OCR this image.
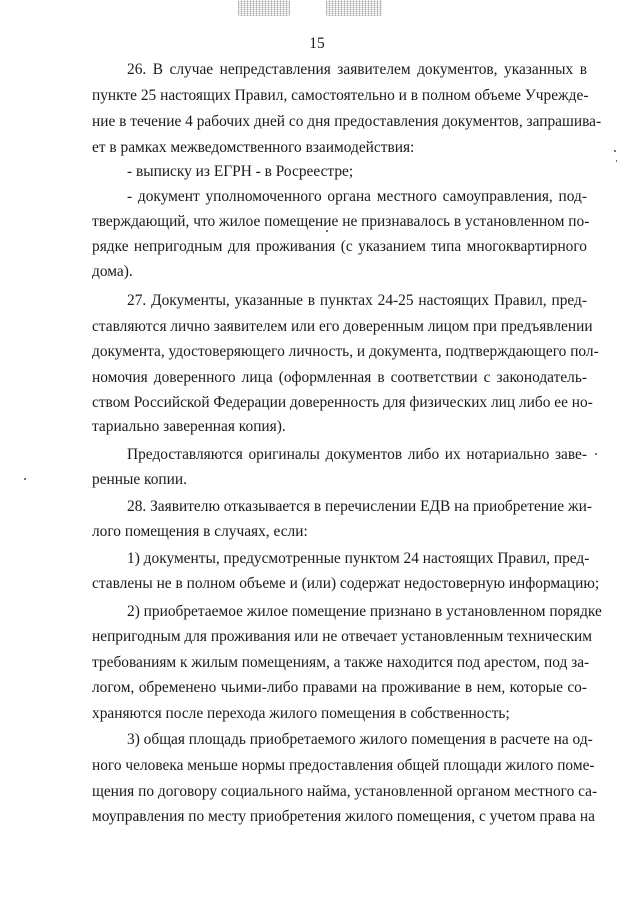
15
26. В случае непредставления заявителем документов, указанных в
пункте 25 настоящих Правил, самостоятельно и в полном объеме Учрежде-
ние в течение 4 рабочих дней со дня предоставления документов, запрашива-
ет в рамках межведомственного взаимодействия:
- выписку из ЕГРН - в Росреестре;
- документ уполномоченного органа местного самоуправления, под-
тверждающий, что жилое помещение не признавалось в установленном по-
рядке непригодным для проживания (с указанием типа многоквартирного
дома).
27. Документы, указанные в пунктах 24-25 настоящих Правил, пред-
ставляются лично заявителем или его доверенным лицом при предъявлении
документа, удостоверяющего личность, и документа, подтверждающего пол-
номочия доверенного лица (оформленная в соответствии с законодатель-
ством Российской Федерации доверенность для физических лиц либо ее но-
тариально заверенная копия).
Предоставляются оригиналы документов либо их нотариально заве-
ренные копии.
28. Заявителю отказывается в перечислении ЕДВ на приобретение жи-
лого помещения в случаях, если:
1) документы, предусмотренные пунктом 24 настоящих Правил, пред-
ставлены не в полном объеме и (или) содержат недостоверную информацию;
2) приобретаемое жилое помещение признано в установленном порядке
непригодным для проживания или не отвечает установленным техническим
требованиям к жилым помещениям, а также находится под арестом, под за-
логом, обременено чьими-либо правами на проживание в нем, которые со-
храняются после перехода жилого помещения в собственность;
3) общая площадь приобретаемого жилого помещения в расчете на од-
ного человека меньше нормы предоставления общей площади жилого поме-
щения по договору социального найма, установленной органом местного са-
моуправления по месту приобретения жилого помещения, с учетом права на
